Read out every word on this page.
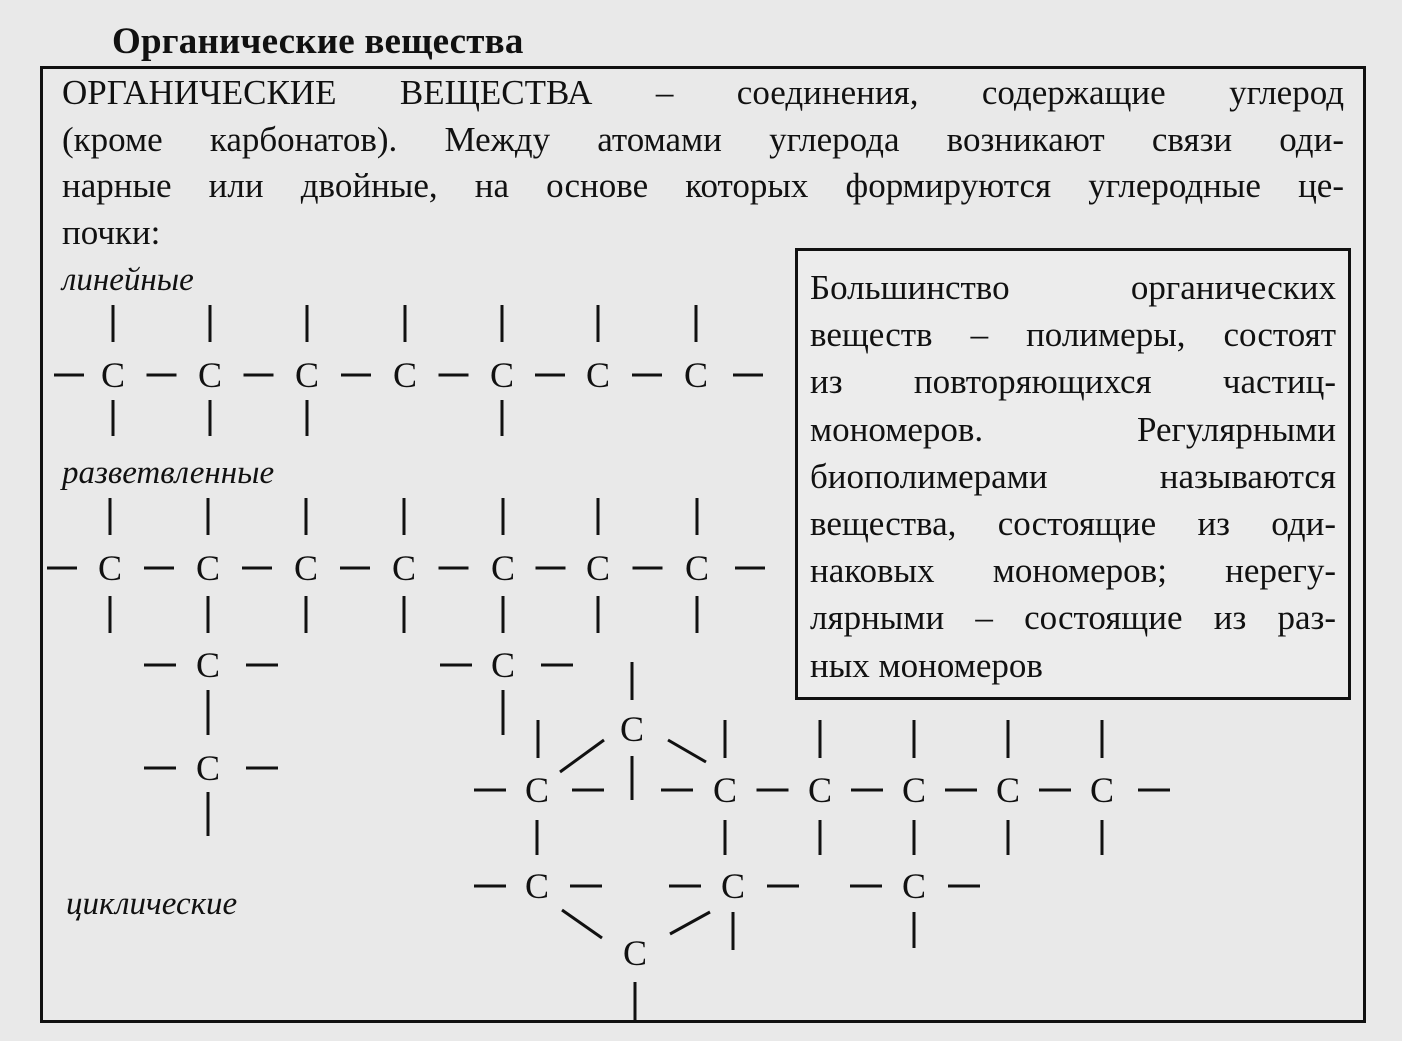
Органические вещества
ОРГАНИЧЕСКИЕ ВЕЩЕСТВА – соединения, содержащие углерод
(кроме карбонатов). Между атомами углерода возникают связи оди-
нарные или двойные, на основе которых формируются углеродные це-
почки:
линейные
разветвленные
циклические
C C C C C C C
C C C C C C C
C
C
C
C
C	C C C C C
C	C	C
C
Большинство органических
веществ – полимеры, состоят
из повторяющихся частиц-
мономеров. Регулярными
биополимерами называются
вещества, состоящие из оди-
наковых мономеров; нерегу-
лярными – состоящие из раз-
ных мономеров
